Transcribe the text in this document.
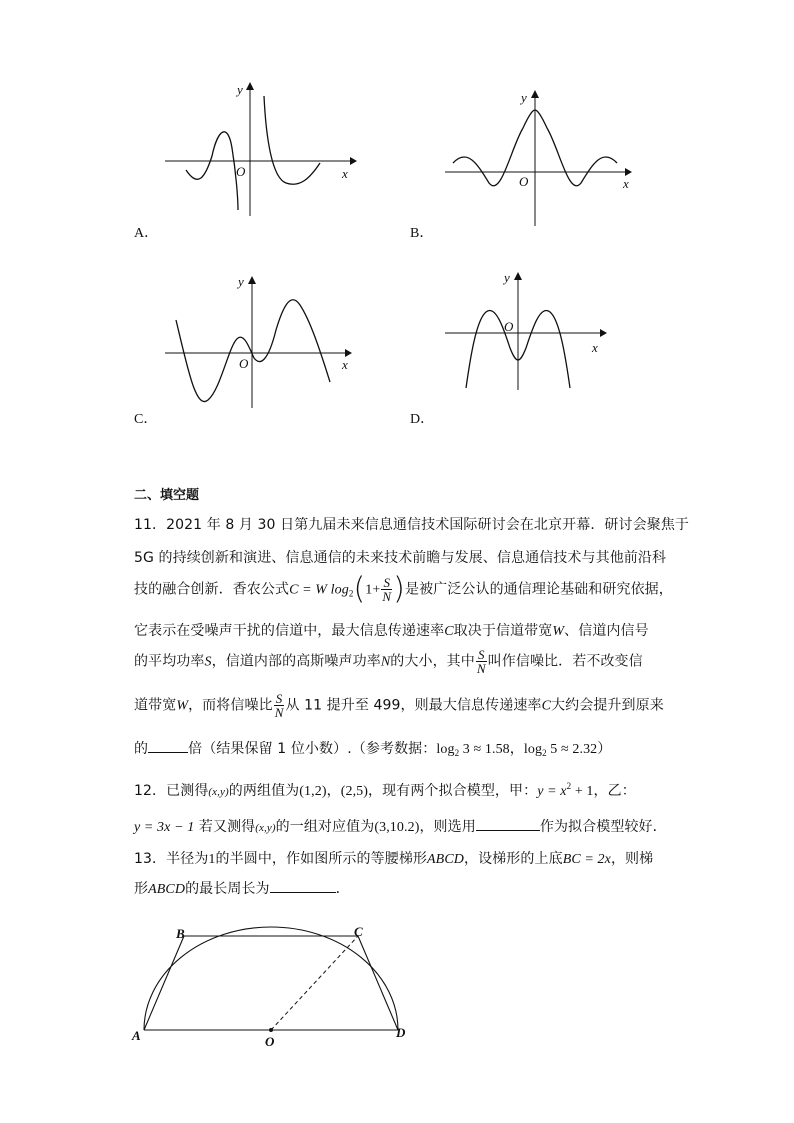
y
x
O
A．
y
x
O
B．
y
x
O
C．
y
x
O
D．
二、填空题
11．2021 年 8 月 30 日第九届未来信息通信技术国际研讨会在北京开幕．研讨会聚焦于
5G 的持续创新和演进、信息通信的未来技术前瞻与发展、信息通信技术与其他前沿科
技的融合创新．香农公式C = W $\log_2(1+ \frac{S}{N}$ )是被广泛公认的通信理论基础和研究依据，
它表示在受噪声干扰的信道中，最大信息传递速率C取决于信道带宽W、信道内信号
的平均功率S，信道内部的高斯噪声功率N的大小，其中 $\frac{S}{N}$ 叫作信噪比．若不改变信
道带宽W，而将信噪比 $\frac{S}{N}$ 从 11 提升至 499，则最大信息传递速率C大约会提升到原来
的	倍（结果保留 1 位小数）.（参考数据：$\log_2 3 \approx 1.58$，$\log_2 5 \approx 2.32$）
12．已测得(x,y)的两组值为(1,2)，(2,5)，现有两个拟合模型，甲：$y = x^2 + 1$，乙：
y = 3x − 1 若又测得(x,y)的一组对应值为(3,10.2)，则选用	作为拟合模型较好．
13．半径为1的半圆中，作如图所示的等腰梯形ABCD，设梯形的上底BC = 2x，则梯
形ABCD的最长周长为	．
A
B	C
D
O
